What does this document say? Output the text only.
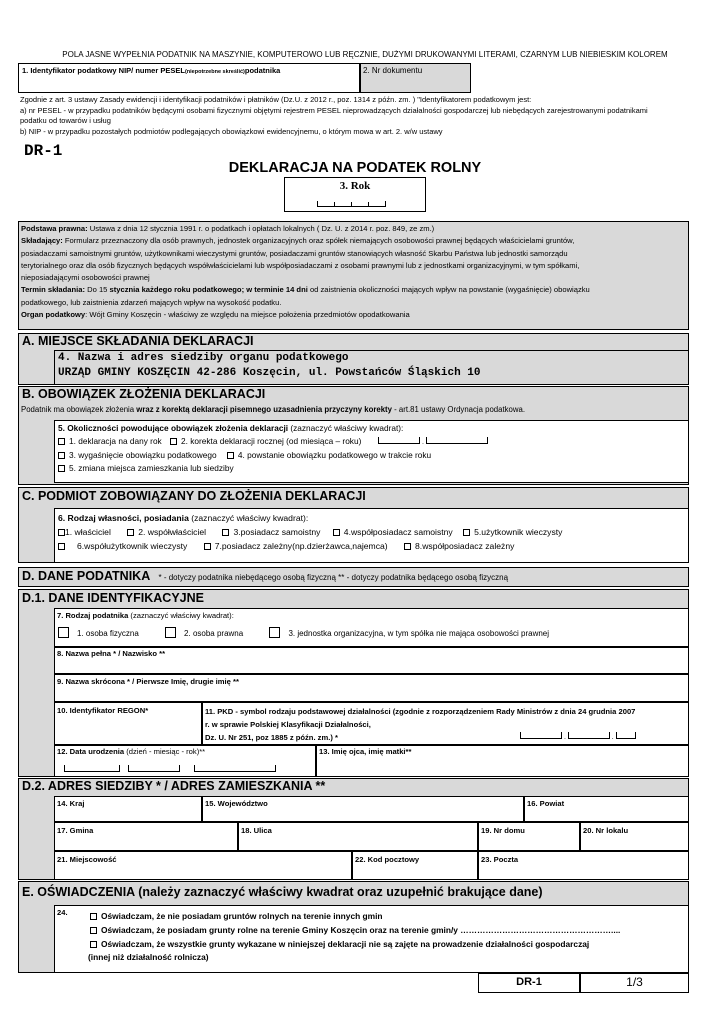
POLA JASNE WYPEŁNIA PODATNIK NA MASZYNIE, KOMPUTEROWO LUB RĘCZNIE, DUŻYMI DRUKOWANYMI LITERAMI, CZARNYM LUB NIEBIESKIM KOLOREM
1. Identyfikator podatkowy NIP/ numer PESEL(niepotrzebne skreślić)podatnika	2. Nr dokumentu
Zgodnie z art. 3 ustawy Zasady ewidencji i identyfikacji podatników i płatników (Dz.U. z 2012 r., poz. 1314 z późn. zm. ) "Identyfikatorem podatkowym jest:
a) nr PESEL - w przypadku podatników będącymi osobami fizycznymi objętymi rejestrem PESEL nieprowadzących działalności gospodarczej lub niebędących zarejestrowanymi podatnikami
podatku od towarów i usług
b) NIP - w przypadku pozostałych podmiotów podlegających obowiązkowi ewidencyjnemu, o którym mowa w art. 2. w/w ustawy
DR-1
DEKLARACJA NA PODATEK ROLNY
3. Rok
Podstawa prawna: Ustawa z dnia 12 stycznia 1991 r. o podatkach i opłatach lokalnych ( Dz. U. z 2014 r. poz. 849, ze zm.)
Składający: Formularz przeznaczony dla osób prawnych, jednostek organizacyjnych oraz spółek niemających osobowości prawnej będących właścicielami gruntów,
posiadaczami samoistnymi gruntów, użytkownikami wieczystymi gruntów, posiadaczami gruntów stanowiących własność Skarbu Państwa lub jednostki samorządu
terytorialnego oraz dla osób fizycznych będących współwłaścicielami lub współposiadaczami z osobami prawnymi lub z jednostkami organizacyjnymi, w tym spółkami,
nieposiadającymi osobowości prawnej
Termin składania: Do 15 stycznia każdego roku podatkowego; w terminie 14 dni od zaistnienia okoliczności mających wpływ na powstanie (wygaśnięcie) obowiązku
podatkowego, lub zaistnienia zdarzeń mających wpływ na wysokość podatku.
Organ podatkowy: Wójt Gminy Koszęcin - właściwy ze względu na miejsce położenia przedmiotów opodatkowania
A. MIEJSCE SKŁADANIA DEKLARACJI
4. Nazwa i adres siedziby organu podatkowego
URZĄD GMINY KOSZĘCIN 42-286 Koszęcin, ul. Powstańców Śląskich 10
B. OBOWIĄZEK ZŁOŻENIA DEKLARACJI
Podatnik ma obowiązek złożenia wraz z korektą deklaracji pisemnego uzasadnienia przyczyny korekty - art.81 ustawy Ordynacja podatkowa.
5. Okoliczności powodujące obowiązek złożenia deklaracji (zaznaczyć właściwy kwadrat):
1. deklaracja na dany rok 2. korekta deklaracji rocznej (od miesiąca – roku)	.
3. wygaśnięcie obowiązku podatkowego	4. powstanie obowiązku podatkowego w trakcie roku
5. zmiana miejsca zamieszkania lub siedziby
C. PODMIOT ZOBOWIĄZANY DO ZŁOŻENIA DEKLARACJI
6. Rodzaj własności, posiadania (zaznaczyć właściwy kwadrat):
1. właściciel	2. współwłaściciel	3.posiadacz samoistny	4.współposiadacz samoistny 5.użytkownik wieczysty
6.współużytkownik wieczysty	7.posiadacz zależny(np.dzierżawca,najemca)	8.współposiadacz zależny
D. DANE PODATNIKA * - dotyczy podatnika niebędącego osobą fizyczną ** - dotyczy podatnika będącego osobą fizyczną
D.1. DANE IDENTYFIKACYJNE
7. Rodzaj podatnika (zaznaczyć właściwy kwadrat):
1. osoba fizyczna	2. osoba prawna	3. jednostka organizacyjna, w tym spółka nie mająca osobowości prawnej
8. Nazwa pełna * / Nazwisko **
9. Nazwa skrócona * / Pierwsze Imię, drugie imię **
10. Identyfikator REGON*	11. PKD - symbol rodzaju podstawowej działalności (zgodnie z rozporządzeniem Rady Ministrów z dnia 24 grudnia 2007
r. w sprawie Polskiej Klasyfikacji Działalności,
Dz. U. Nr 251, poz 1885 z późn. zm.) *	.	.
12. Data urodzenia (dzień - miesiąc - rok)**
	13. Imię ojca, imię matki**
D.2. ADRES SIEDZIBY * / ADRES ZAMIESZKANIA **
14. Kraj	15. Województwo	16. Powiat
17. Gmina	18. Ulica	19. Nr domu	20. Nr lokalu
21. Miejscowość	22. Kod pocztowy	23. Poczta
E. OŚWIADCZENIA (należy zaznaczyć właściwy kwadrat oraz uzupełnić brakujące dane)
24.	Oświadczam, że nie posiadam gruntów rolnych na terenie innych gmin
Oświadczam, że posiadam grunty rolne na terenie Gminy Koszęcin oraz na terenie gmin/y ………………………………………………....
Oświadczam, że wszystkie grunty wykazane w niniejszej deklaracji nie są zajęte na prowadzenie działalności gospodarczaj
(innej niż działalność rolnicza)
DR-1	1/3
